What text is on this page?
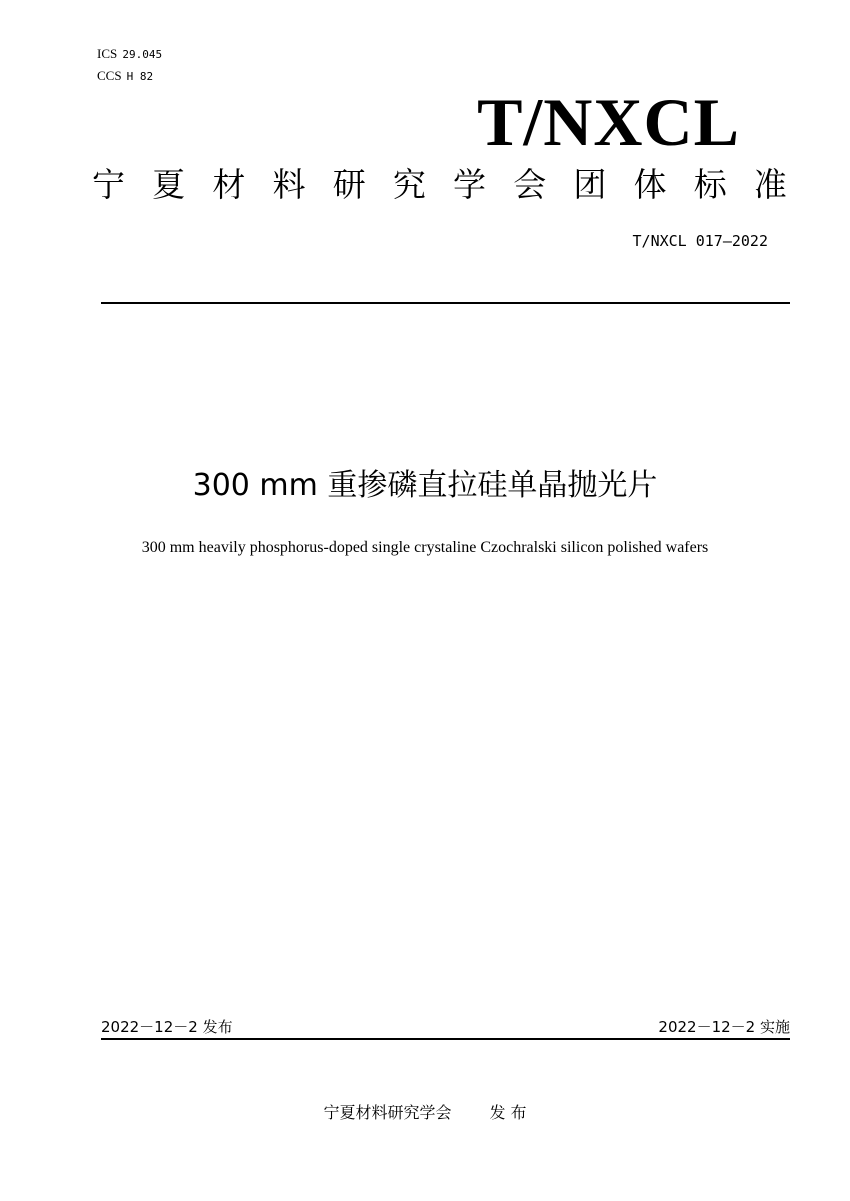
ICS 29.045
CCS H 82
T/NXCL
宁 夏 材 料 研 究 学 会 团 体 标 准
T/NXCL 017—2022
300 mm 重掺磷直拉硅单晶抛光片
300 mm heavily phosphorus-doped single crystaline Czochralski silicon polished wafers
2022－12－2 发布	2022－12－2 实施
宁夏材料研究学会 发 布
